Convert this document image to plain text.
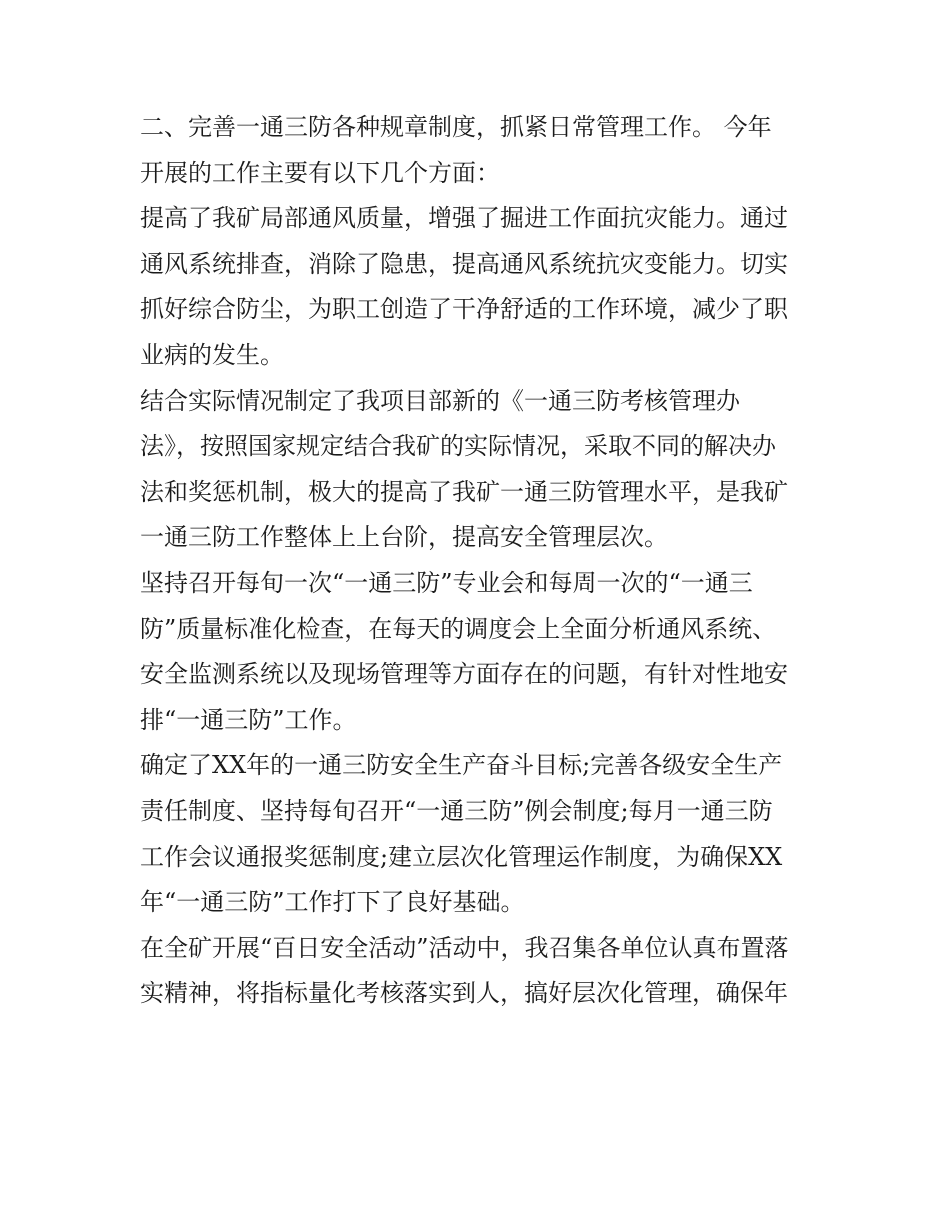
二、完善一通三防各种规章制度，抓紧日常管理工作。 今年
开展的工作主要有以下几个方面：
提高了我矿局部通风质量，增强了掘进工作面抗灾能力。通过
通风系统排查，消除了隐患，提高通风系统抗灾变能力。切实
抓好综合防尘，为职工创造了干净舒适的工作环境，减少了职
业病的发生。
结合实际情况制定了我项目部新的《一通三防考核管理办
法》，按照国家规定结合我矿的实际情况，采取不同的解决办
法和奖惩机制，极大的提高了我矿一通三防管理水平，是我矿
一通三防工作整体上上台阶，提高安全管理层次。
坚持召开每旬一次“一通三防”专业会和每周一次的“一通三
防”质量标准化检查，在每天的调度会上全面分析通风系统、
安全监测系统以及现场管理等方面存在的问题，有针对性地安
排“一通三防”工作。
确定了XX年的一通三防安全生产奋斗目标;完善各级安全生产
责任制度、坚持每旬召开“一通三防”例会制度;每月一通三防
工作会议通报奖惩制度;建立层次化管理运作制度，为确保XX
年“一通三防”工作打下了良好基础。
在全矿开展“百日安全活动”活动中，我召集各单位认真布置落
实精神，将指标量化考核落实到人，搞好层次化管理，确保年
